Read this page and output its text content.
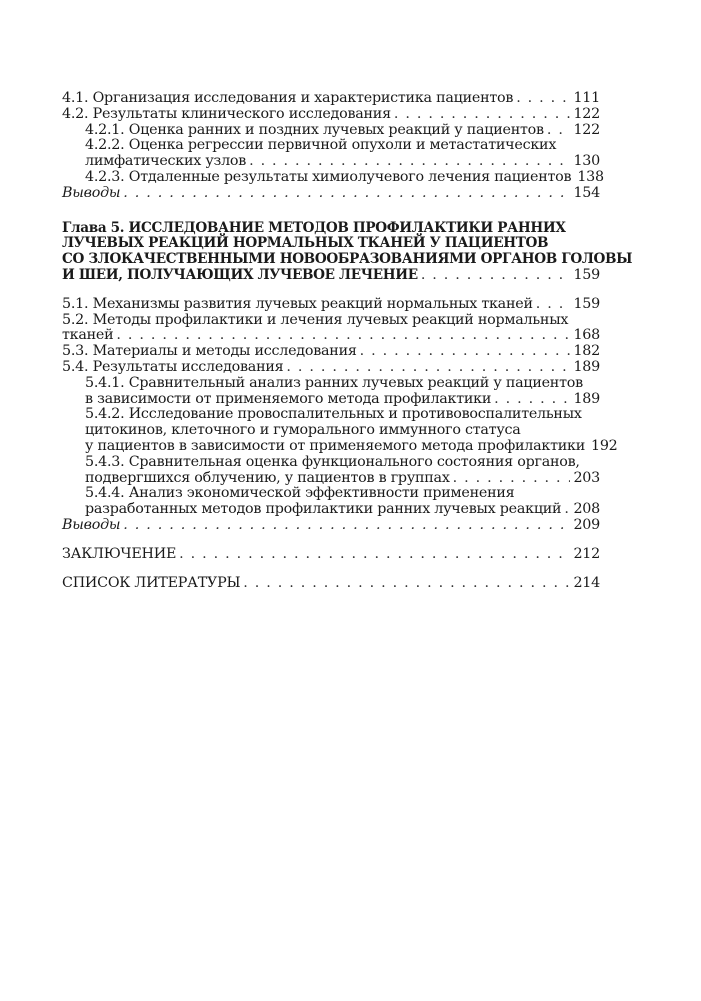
4.1. Организация исследования и характеристика пациентов . . .	111
4.2. Результаты клинического исследования . . .	122
4.2.1. Оценка ранних и поздних лучевых реакций у пациентов . . . 122
4.2.2. Оценка регрессии первичной опухоли и метастатических
лимфатических узлов . . .	130
4.2.3. Отдаленные результаты химиолучевого лечения пациентов 138
Выводы . . .	154
Глава 5. ИССЛЕДОВАНИЕ МЕТОДОВ ПРОФИЛАКТИКИ РАННИХ
ЛУЧЕВЫХ РЕАКЦИЙ НОРМАЛЬНЫХ ТКАНЕЙ У ПАЦИЕНТОВ
СО ЗЛОКАЧЕСТВЕННЫМИ НОВООБРАЗОВАНИЯМИ ОРГАНОВ ГОЛОВЫ
И ШЕИ, ПОЛУЧАЮЩИХ ЛУЧЕВОЕ ЛЕЧЕНИЕ . . .	159
5.1. Механизмы развития лучевых реакций нормальных тканей . . .	159
5.2. Методы профилактики и лечения лучевых реакций нормальных
тканей . . .	168
5.3. Материалы и методы исследования . . .	182
5.4. Результаты исследования . . .	189
5.4.1. Сравнительный анализ ранних лучевых реакций у пациентов
в зависимости от применяемого метода профилактики . . .	189
5.4.2. Исследование провоспалительных и противовоспалительных
цитокинов, клеточного и гуморального иммунного статуса
у пациентов в зависимости от применяемого метода профилактики 192
5.4.3. Сравнительная оценка функционального состояния органов,
подвергшихся облучению, у пациентов в группах . . .	203
5.4.4. Анализ экономической эффективности применения
разработанных методов профилактики ранних лучевых реакций . . . 208
Выводы . . .	209
ЗАКЛЮЧЕНИЕ . . .	212
СПИСОК ЛИТЕРАТУРЫ . . .	214
